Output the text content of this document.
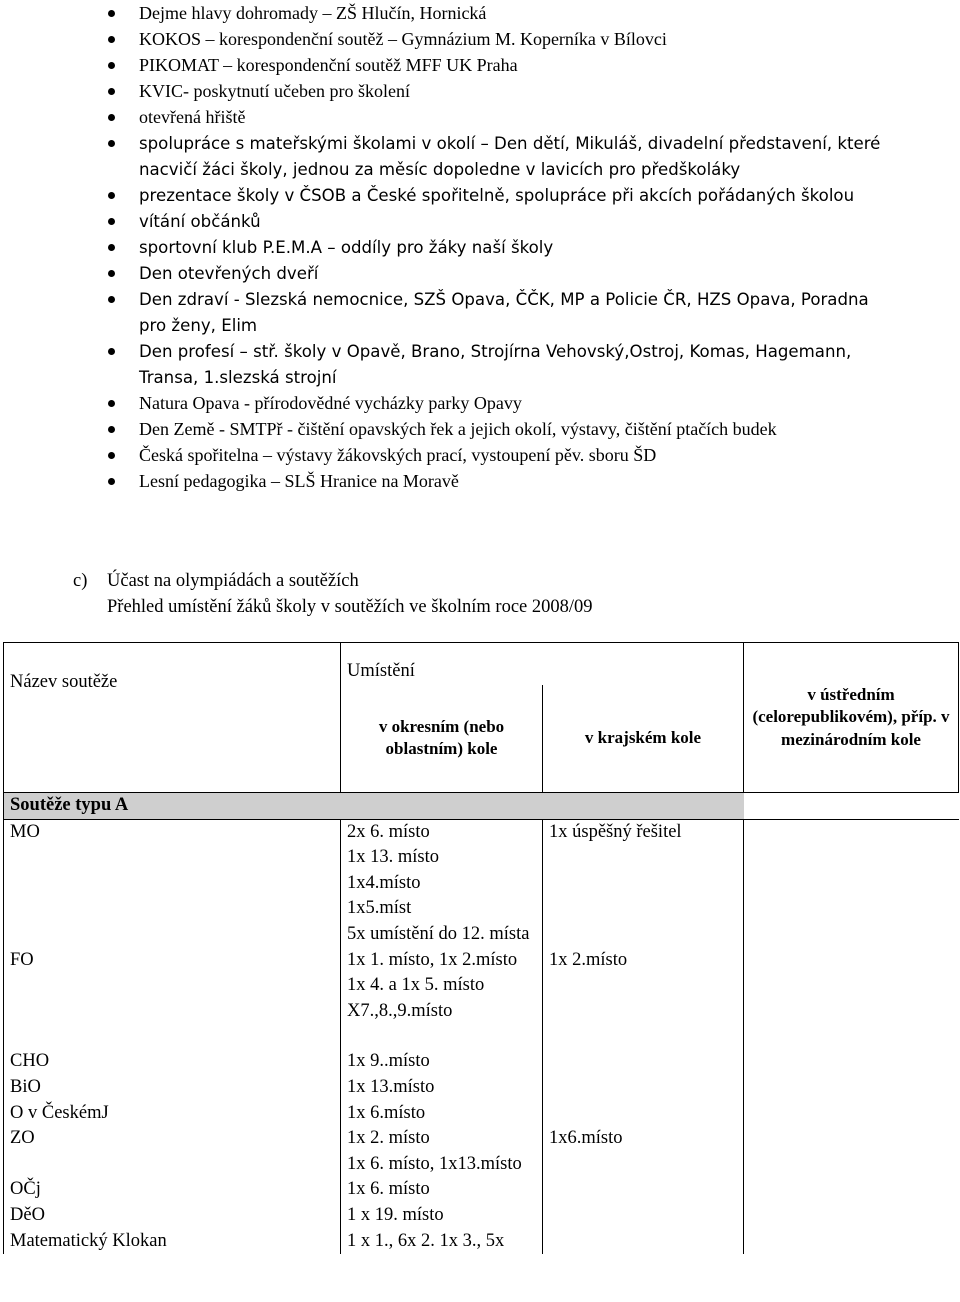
Dejme hlavy dohromady – ZŠ Hlučín, Hornická
KOKOS – korespondenční soutěž – Gymnázium M. Koperníka v Bílovci
PIKOMAT – korespondenční soutěž MFF UK Praha
KVIC- poskytnutí učeben pro školení
otevřená hřiště
spolupráce s mateřskými školami v okolí – Den dětí, Mikuláš, divadelní představení, které
nacvičí žáci školy, jednou za měsíc dopoledne v lavicích pro předškoláky
prezentace školy v ČSOB a České spořitelně, spolupráce při akcích pořádaných školou
vítání občánků
sportovní klub P.E.M.A – oddíly pro žáky naší školy
Den otevřených dveří
Den zdraví - Slezská nemocnice, SZŠ Opava, ČČK, MP a Policie ČR, HZS Opava, Poradna
pro ženy, Elim
Den profesí – stř. školy v Opavě, Brano, Strojírna Vehovský,Ostroj, Komas, Hagemann,
Transa, 1.slezská strojní
Natura Opava - přírodovědné vycházky parky Opavy
Den Země - SMTPř - čištění opavských řek a jejich okolí, výstavy, čištění ptačích budek
Česká spořitelna – výstavy žákovských prací, vystoupení pěv. sboru ŠD
Lesní pedagogika – SLŠ Hranice na Moravě
c) Účast na olympiádách a soutěžích
Přehled umístění žáků školy v soutěžích ve školním roce 2008/09
Název soutěže	Umístění		v ústředním (celorepublikovém), příp. v mezinárodním kole
	v okresním (nebo oblastním) kole	v krajském kole	
Soutěže typu A			
MO	2x 6. místo	1x úspěšný řešitel	
	1x 13. místo		
	1x4.místo		
	1x5.míst		
	5x umístění do 12. místa		
FO	1x 1. místo, 1x 2.místo	1x 2.místo	
	1x 4. a 1x 5. místo		
	X7.,8.,9.místo		

CHO	1x 9..místo		
BiO	1x 13.místo		
O v ČeskémJ	1x 6.místo		
ZO	1x 2. místo	1x6.místo	
	1x 6. místo, 1x13.místo		
OČj	1x 6. místo		
DěO	1 x 19. místo		
Matematický Klokan	1 x 1., 6x 2. 1x 3., 5x		
